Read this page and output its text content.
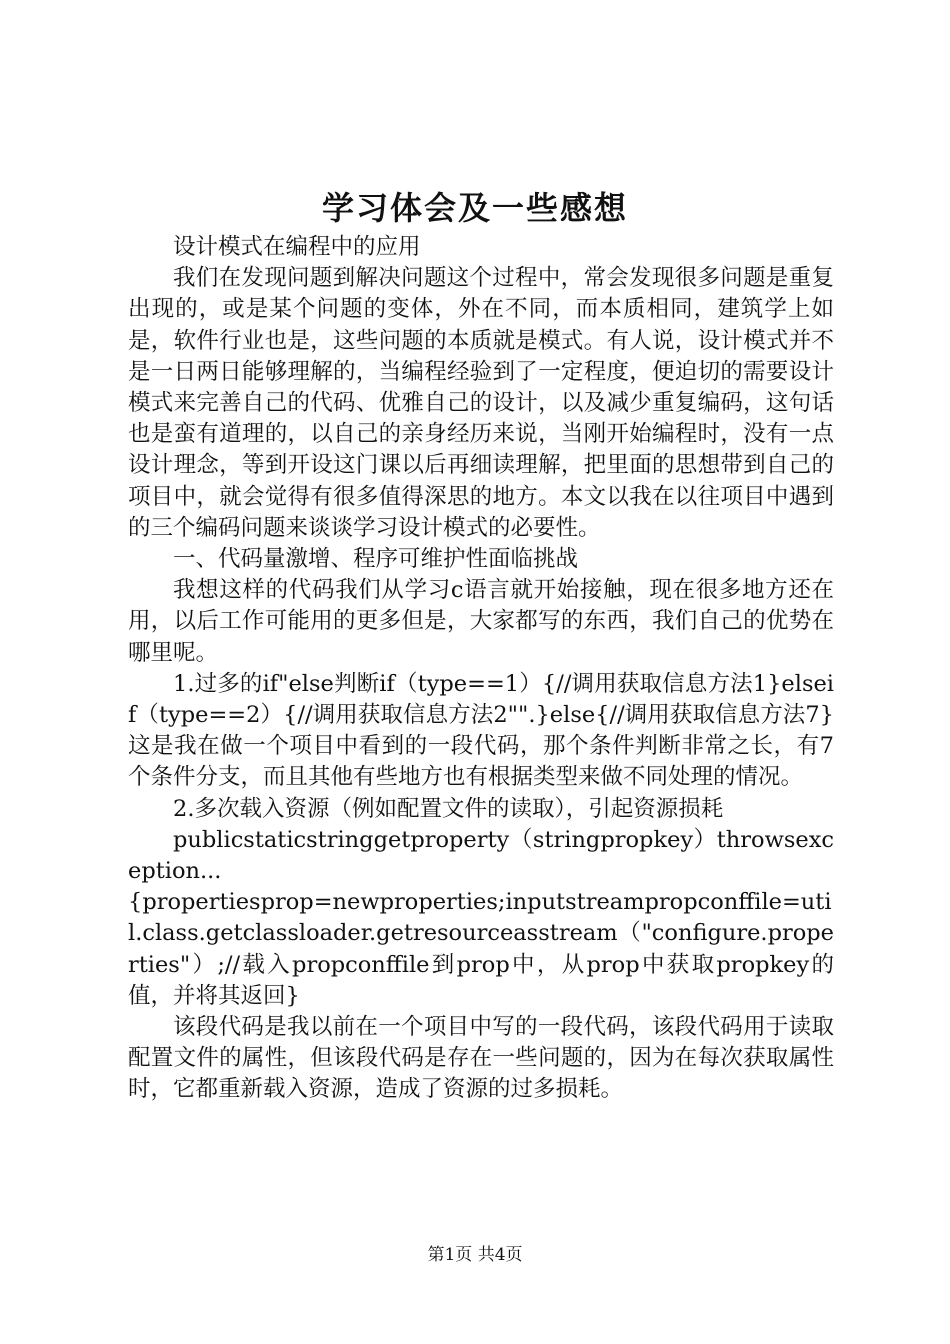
学习体会及一些感想

设计模式在编程中的应用

我们在发现问题到解决问题这个过程中，常会发现很多问题是重复出现的，或是某个问题的变体，外在不同，而本质相同，建筑学上如是，软件行业也是，这些问题的本质就是模式。有人说，设计模式并不是一日两日能够理解的，当编程经验到了一定程度，便迫切的需要设计模式来完善自己的代码、优雅自己的设计，以及减少重复编码，这句话也是蛮有道理的，以自己的亲身经历来说，当刚开始编程时，没有一点设计理念，等到开设这门课以后再细读理解，把里面的思想带到自己的项目中，就会觉得有很多值得深思的地方。本文以我在以往项目中遇到的三个编码问题来谈谈学习设计模式的必要性。

一、代码量激增、程序可维护性面临挑战

我想这样的代码我们从学习c语言就开始接触，现在很多地方还在用，以后工作可能用的更多但是，大家都写的东西，我们自己的优势在哪里呢。

1.过多的if"else判断if（type==1）{//调用获取信息方法1}elseif（type==2）{//调用获取信息方法2"".}else{//调用获取信息方法7}这是我在做一个项目中看到的一段代码，那个条件判断非常之长，有7个条件分支，而且其他有些地方也有根据类型来做不同处理的情况。

2.多次载入资源（例如配置文件的读取），引起资源损耗

publicstaticstringgetproperty（stringpropkey）throwsexception...

{propertiesprop=newproperties;inputstreampropconffile=util.class.getclassloader.getresourceasstream（"configure.properties"）;//载入propconffile到prop中，从prop中获取propkey的值，并将其返回}

该段代码是我以前在一个项目中写的一段代码，该段代码用于读取配置文件的属性，但该段代码是存在一些问题的，因为在每次获取属性时，它都重新载入资源，造成了资源的过多损耗。

第1页 共4页
